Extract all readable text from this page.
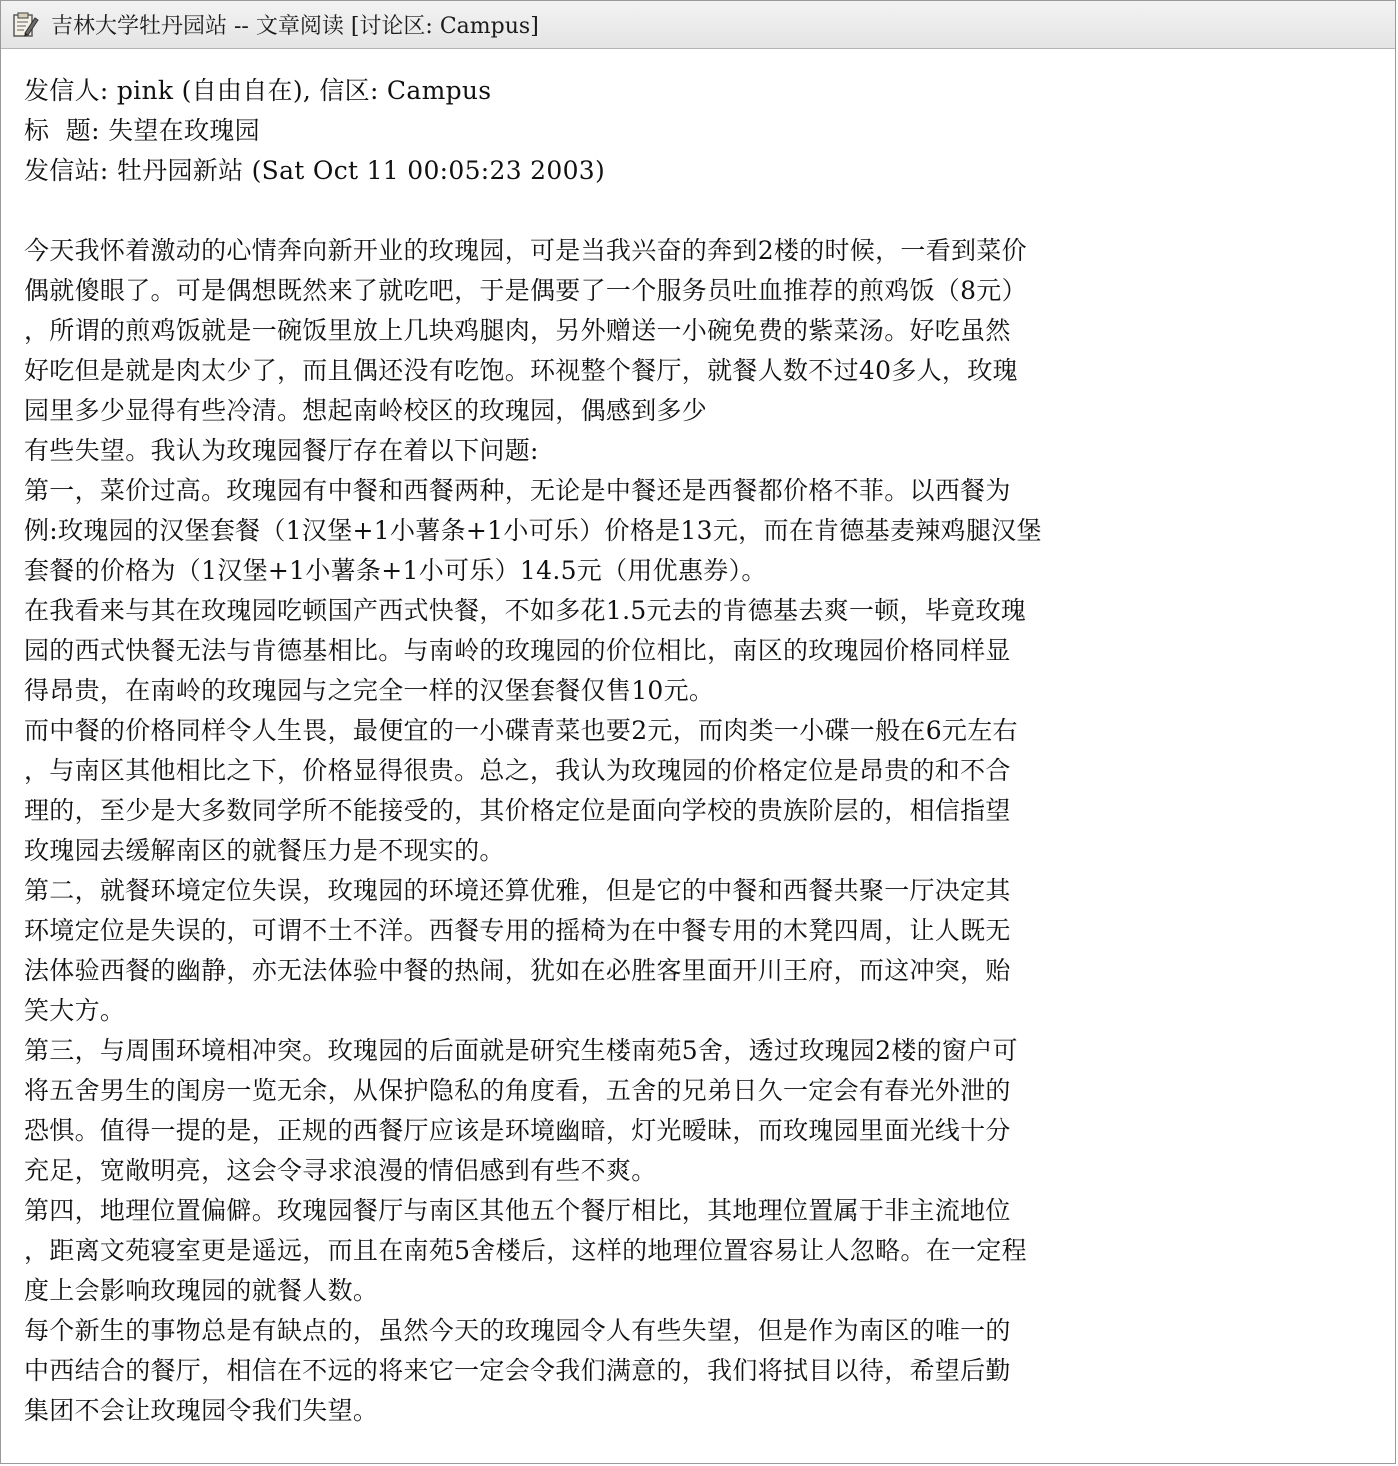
吉林大学牡丹园站 -- 文章阅读 [讨论区: Campus]
发信人: pink (自由自在), 信区: Campus
标  题: 失望在玫瑰园
发信站: 牡丹园新站 (Sat Oct 11 00:05:23 2003)
今天我怀着激动的心情奔向新开业的玫瑰园，可是当我兴奋的奔到2楼的时候，一看到菜价
偶就傻眼了。可是偶想既然来了就吃吧，于是偶要了一个服务员吐血推荐的煎鸡饭（8元）
，所谓的煎鸡饭就是一碗饭里放上几块鸡腿肉，另外赠送一小碗免费的紫菜汤。好吃虽然
好吃但是就是肉太少了，而且偶还没有吃饱。环视整个餐厅，就餐人数不过40多人，玫瑰
园里多少显得有些冷清。想起南岭校区的玫瑰园，偶感到多少
有些失望。我认为玫瑰园餐厅存在着以下问题:
第一，菜价过高。玫瑰园有中餐和西餐两种，无论是中餐还是西餐都价格不菲。以西餐为
例:玫瑰园的汉堡套餐（1汉堡+1小薯条+1小可乐）价格是13元，而在肯德基麦辣鸡腿汉堡
套餐的价格为（1汉堡+1小薯条+1小可乐）14.5元（用优惠券）。
在我看来与其在玫瑰园吃顿国产西式快餐，不如多花1.5元去的肯德基去爽一顿，毕竟玫瑰
园的西式快餐无法与肯德基相比。与南岭的玫瑰园的价位相比，南区的玫瑰园价格同样显
得昂贵，在南岭的玫瑰园与之完全一样的汉堡套餐仅售10元。
而中餐的价格同样令人生畏，最便宜的一小碟青菜也要2元，而肉类一小碟一般在6元左右
，与南区其他相比之下，价格显得很贵。总之，我认为玫瑰园的价格定位是昂贵的和不合
理的，至少是大多数同学所不能接受的，其价格定位是面向学校的贵族阶层的，相信指望
玫瑰园去缓解南区的就餐压力是不现实的。
第二，就餐环境定位失误，玫瑰园的环境还算优雅，但是它的中餐和西餐共聚一厅决定其
环境定位是失误的，可谓不土不洋。西餐专用的摇椅为在中餐专用的木凳四周，让人既无
法体验西餐的幽静，亦无法体验中餐的热闹，犹如在必胜客里面开川王府，而这冲突，贻
笑大方。
第三，与周围环境相冲突。玫瑰园的后面就是研究生楼南苑5舍，透过玫瑰园2楼的窗户可
将五舍男生的闺房一览无余，从保护隐私的角度看，五舍的兄弟日久一定会有春光外泄的
恐惧。值得一提的是，正规的西餐厅应该是环境幽暗，灯光暧昧，而玫瑰园里面光线十分
充足，宽敞明亮，这会令寻求浪漫的情侣感到有些不爽。
第四，地理位置偏僻。玫瑰园餐厅与南区其他五个餐厅相比，其地理位置属于非主流地位
，距离文苑寝室更是遥远，而且在南苑5舍楼后，这样的地理位置容易让人忽略。在一定程
度上会影响玫瑰园的就餐人数。
每个新生的事物总是有缺点的，虽然今天的玫瑰园令人有些失望，但是作为南区的唯一的
中西结合的餐厅，相信在不远的将来它一定会令我们满意的，我们将拭目以待，希望后勤
集团不会让玫瑰园令我们失望。
